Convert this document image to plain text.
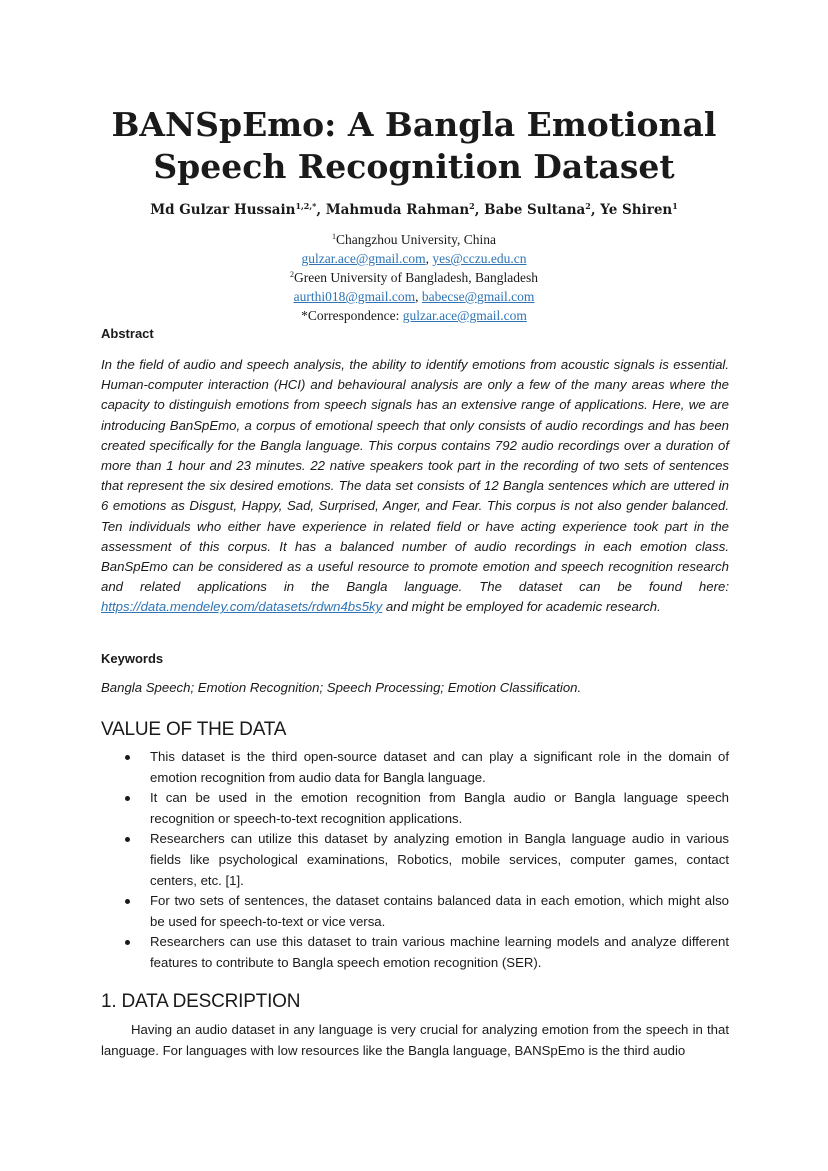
BANSpEmo: A Bangla Emotional Speech Recognition Dataset

Md Gulzar Hussain$^{1,2,*}$, Mahmuda Rahman$^2$, Babe Sultana$^2$, Ye Shiren$^1$

$^1$Changzhou University, China
gulzar.ace@gmail.com, yes@cczu.edu.cn
$^2$Green University of Bangladesh, Bangladesh
aurthi018@gmail.com, babecse@gmail.com
*Correspondence: gulzar.ace@gmail.com
Abstract

In the field of audio and speech analysis, the ability to identify emotions from acoustic signals is essential. Human-computer interaction (HCI) and behavioural analysis are only a few of the many areas where the capacity to distinguish emotions from speech signals has an extensive range of applications. Here, we are introducing BanSpEmo, a corpus of emotional speech that only consists of audio recordings and has been created specifically for the Bangla language. This corpus contains 792 audio recordings over a duration of more than 1 hour and 23 minutes. 22 native speakers took part in the recording of two sets of sentences that represent the six desired emotions. The data set consists of 12 Bangla sentences which are uttered in 6 emotions as Disgust, Happy, Sad, Surprised, Anger, and Fear. This corpus is not also gender balanced. Ten individuals who either have experience in related field or have acting experience took part in the assessment of this corpus. It has a balanced number of audio recordings in each emotion class. BanSpEmo can be considered as a useful resource to promote emotion and speech recognition research and related applications in the Bangla language. The dataset can be found here: https://data.mendeley.com/datasets/rdwn4bs5ky and might be employed for academic research.

Keywords

Bangla Speech; Emotion Recognition; Speech Processing; Emotion Classification.

VALUE OF THE DATA
This dataset is the third open-source dataset and can play a significant role in the domain of emotion recognition from audio data for Bangla language.
It can be used in the emotion recognition from Bangla audio or Bangla language speech recognition or speech-to-text recognition applications.
Researchers can utilize this dataset by analyzing emotion in Bangla language audio in various fields like psychological examinations, Robotics, mobile services, computer games, contact centers, etc. [1].
For two sets of sentences, the dataset contains balanced data in each emotion, which might also be used for speech-to-text or vice versa.
Researchers can use this dataset to train various machine learning models and analyze different features to contribute to Bangla speech emotion recognition (SER).
1. DATA DESCRIPTION

Having an audio dataset in any language is very crucial for analyzing emotion from the speech in that language. For languages with low resources like the Bangla language, BANSpEmo is the third audio
